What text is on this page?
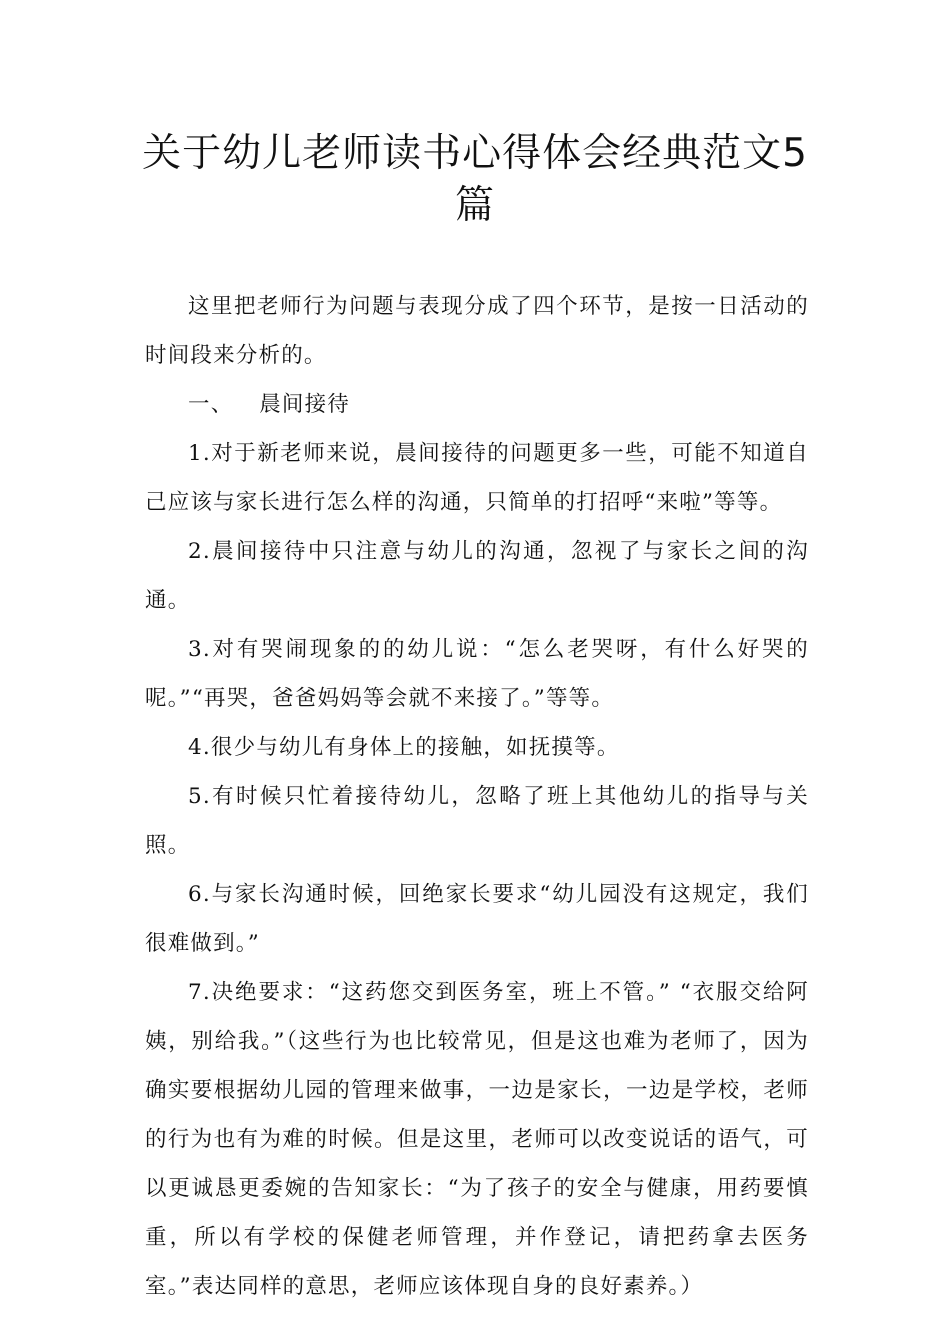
关于幼儿老师读书心得体会经典范文5篇

这里把老师行为问题与表现分成了四个环节，是按一日活动的时间段来分析的。

一、 晨间接待

1.对于新老师来说，晨间接待的问题更多一些，可能不知道自己应该与家长进行怎么样的沟通，只简单的打招呼“来啦”等等。

2.晨间接待中只注意与幼儿的沟通，忽视了与家长之间的沟通。

3.对有哭闹现象的的幼儿说：“怎么老哭呀，有什么好哭的呢。”“再哭，爸爸妈妈等会就不来接了。”等等。

4.很少与幼儿有身体上的接触，如抚摸等。

5.有时候只忙着接待幼儿，忽略了班上其他幼儿的指导与关照。

6.与家长沟通时候，回绝家长要求“幼儿园没有这规定，我们很难做到。”

7.决绝要求：“这药您交到医务室，班上不管。” “衣服交给阿姨，别给我。”（这些行为也比较常见，但是这也难为老师了，因为确实要根据幼儿园的管理来做事，一边是家长，一边是学校，老师的行为也有为难的时候。但是这里，老师可以改变说话的语气，可以更诚恳更委婉的告知家长：“为了孩子的安全与健康，用药要慎重，所以有学校的保健老师管理，并作登记，请把药拿去医务室。”表达同样的意思，老师应该体现自身的良好素养。）
